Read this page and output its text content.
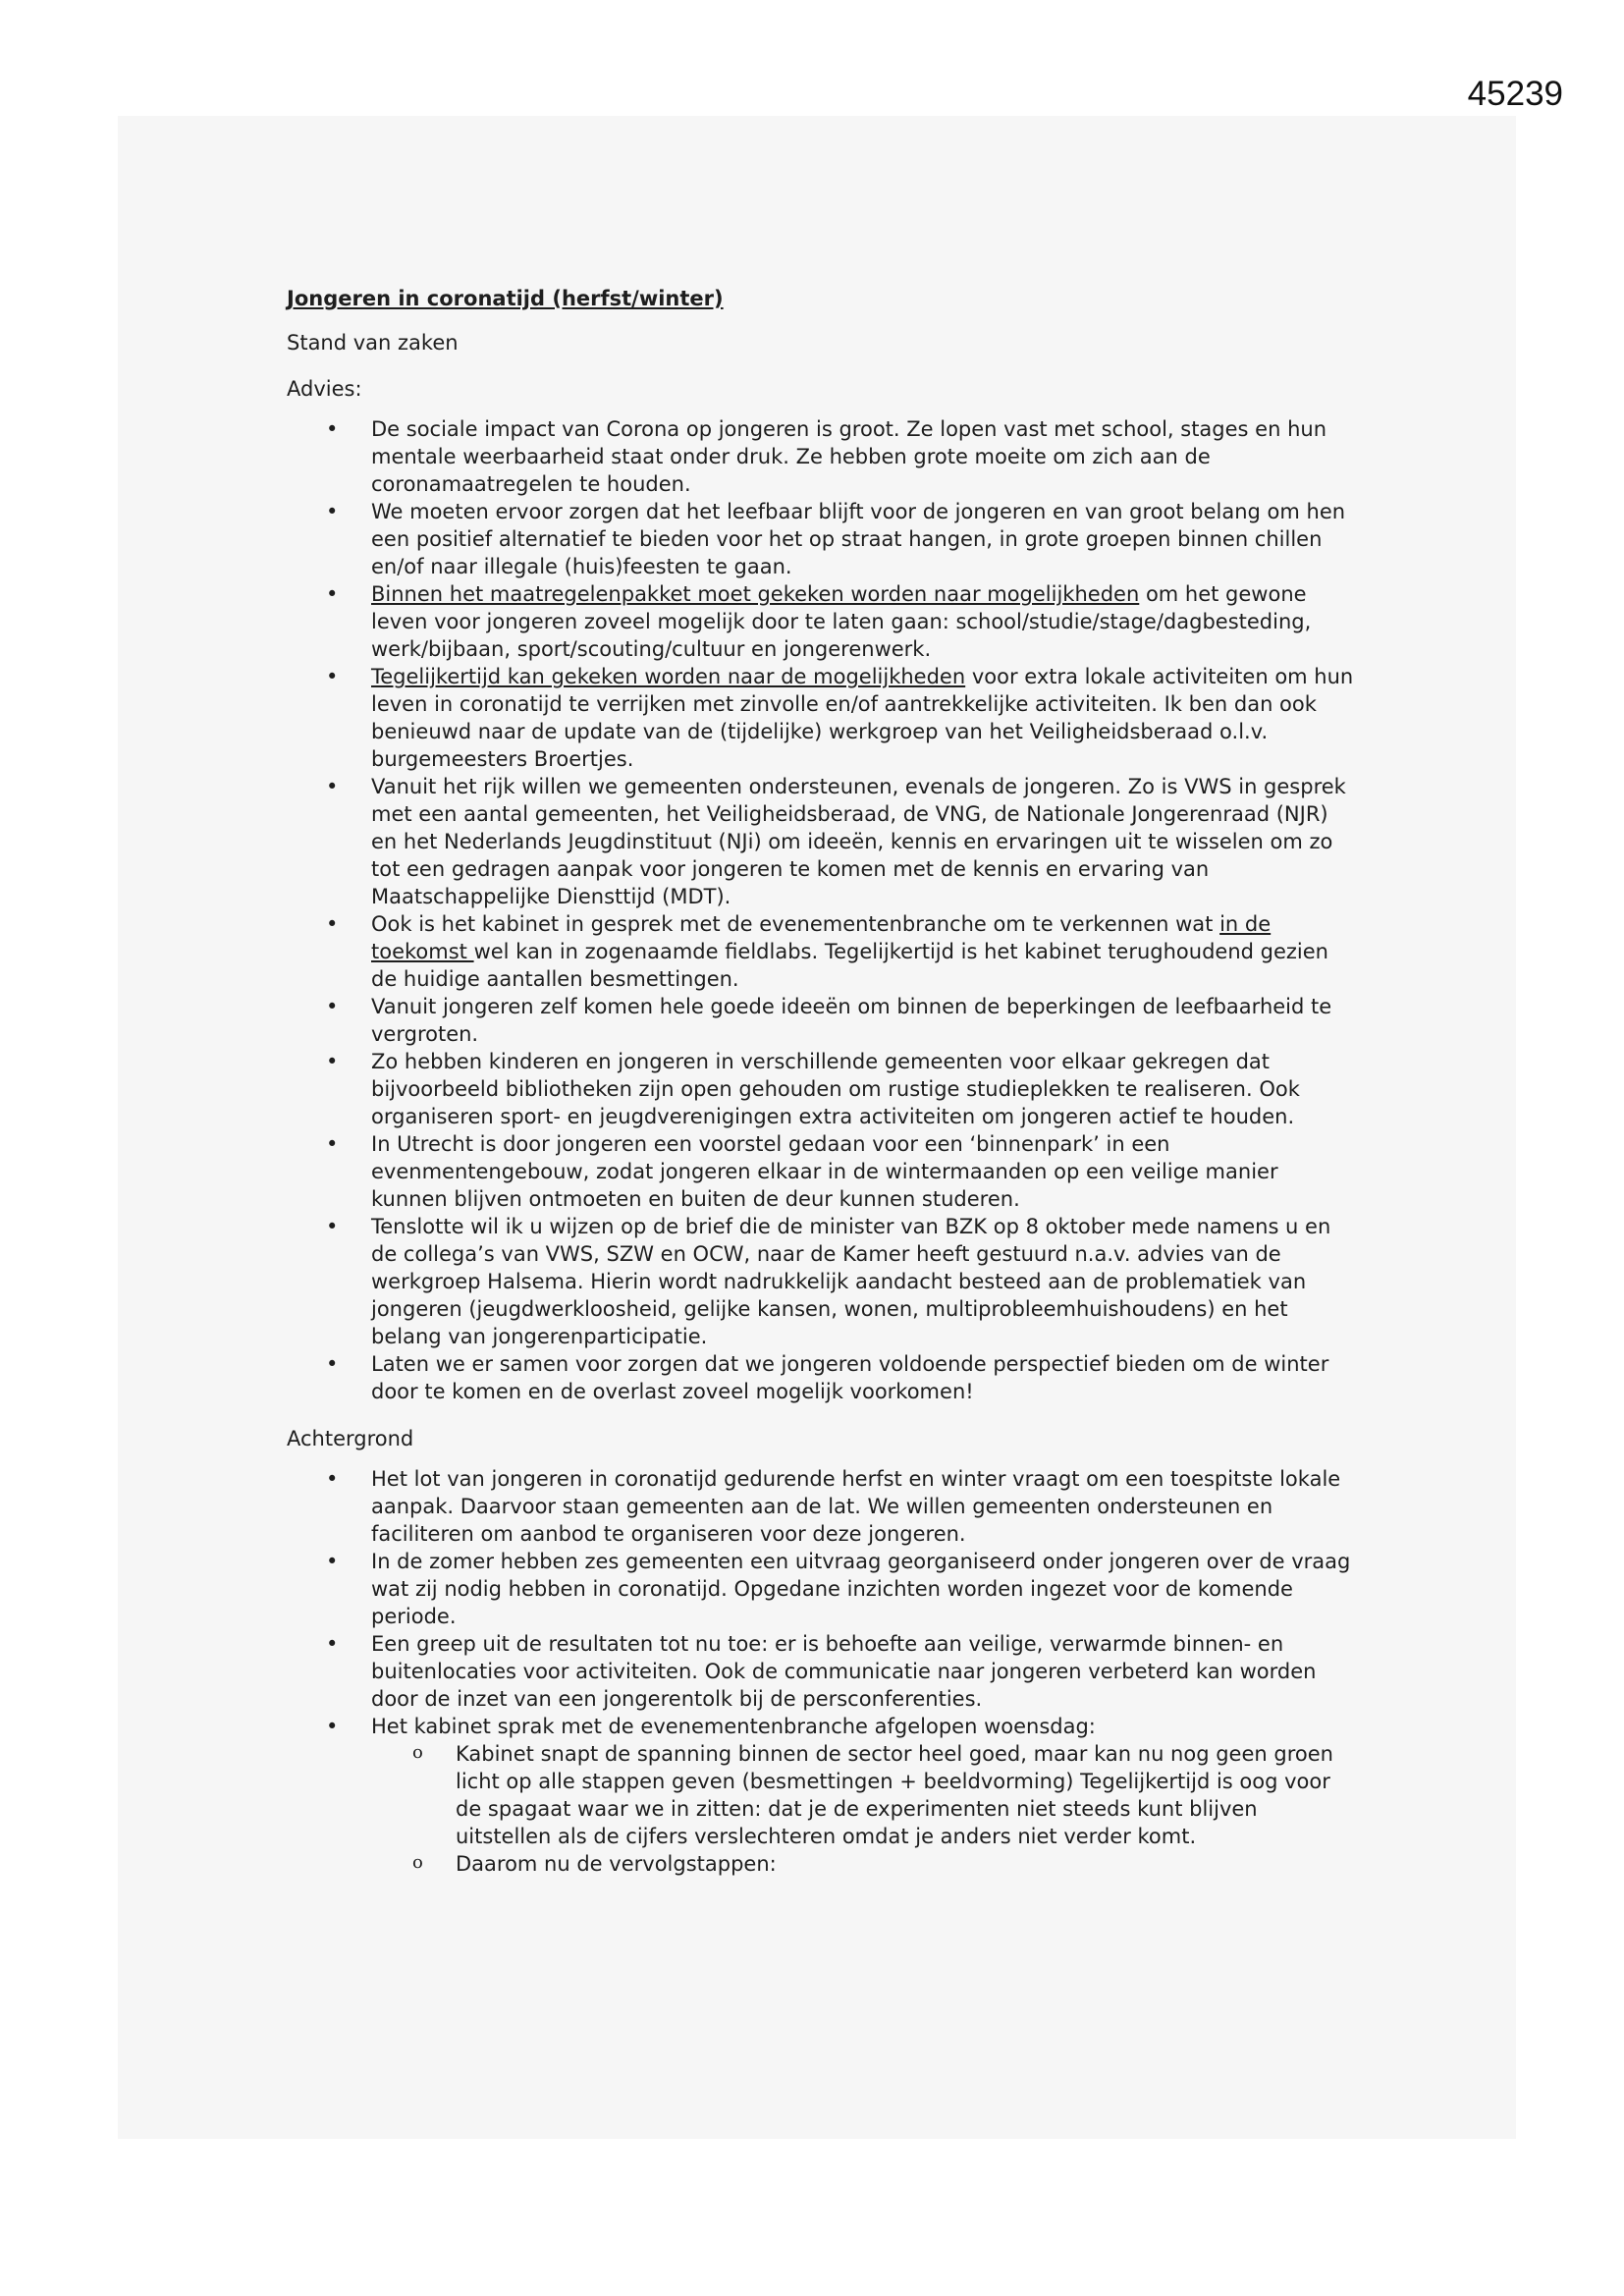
45239
Jongeren in coronatijd (herfst/winter)
Stand van zaken
Advies:
• De sociale impact van Corona op jongeren is groot. Ze lopen vast met school, stages en hun mentale weerbaarheid staat onder druk. Ze hebben grote moeite om zich aan de coronamaatregelen te houden.
• We moeten ervoor zorgen dat het leefbaar blijft voor de jongeren en van groot belang om hen een positief alternatief te bieden voor het op straat hangen, in grote groepen binnen chillen en/of naar illegale (huis)feesten te gaan.
• Binnen het maatregelenpakket moet gekeken worden naar mogelijkheden om het gewone leven voor jongeren zoveel mogelijk door te laten gaan: school/studie/stage/dagbesteding, werk/bijbaan, sport/scouting/cultuur en jongerenwerk.
• Tegelijkertijd kan gekeken worden naar de mogelijkheden voor extra lokale activiteiten om hun leven in coronatijd te verrijken met zinvolle en/of aantrekkelijke activiteiten. Ik ben dan ook benieuwd naar de update van de (tijdelijke) werkgroep van het Veiligheidsberaad o.l.v. burgemeesters Broertjes.
• Vanuit het rijk willen we gemeenten ondersteunen, evenals de jongeren. Zo is VWS in gesprek met een aantal gemeenten, het Veiligheidsberaad, de VNG, de Nationale Jongerenraad (NJR) en het Nederlands Jeugdinstituut (NJi) om ideeën, kennis en ervaringen uit te wisselen om zo tot een gedragen aanpak voor jongeren te komen met de kennis en ervaring van Maatschappelijke Diensttijd (MDT).
• Ook is het kabinet in gesprek met de evenementenbranche om te verkennen wat in de toekomst wel kan in zogenaamde fieldlabs. Tegelijkertijd is het kabinet terughoudend gezien de huidige aantallen besmettingen.
• Vanuit jongeren zelf komen hele goede ideeën om binnen de beperkingen de leefbaarheid te vergroten.
• Zo hebben kinderen en jongeren in verschillende gemeenten voor elkaar gekregen dat bijvoorbeeld bibliotheken zijn open gehouden om rustige studieplekken te realiseren. Ook organiseren sport- en jeugdverenigingen extra activiteiten om jongeren actief te houden.
• In Utrecht is door jongeren een voorstel gedaan voor een ‘binnenpark’ in een evenmentengebouw, zodat jongeren elkaar in de wintermaanden op een veilige manier kunnen blijven ontmoeten en buiten de deur kunnen studeren.
• Tenslotte wil ik u wijzen op de brief die de minister van BZK op 8 oktober mede namens u en de collega’s van VWS, SZW en OCW, naar de Kamer heeft gestuurd n.a.v. advies van de werkgroep Halsema. Hierin wordt nadrukkelijk aandacht besteed aan de problematiek van jongeren (jeugdwerkloosheid, gelijke kansen, wonen, multiprobleemhuishoudens) en het belang van jongerenparticipatie.
• Laten we er samen voor zorgen dat we jongeren voldoende perspectief bieden om de winter door te komen en de overlast zoveel mogelijk voorkomen!
Achtergrond
• Het lot van jongeren in coronatijd gedurende herfst en winter vraagt om een toespitste lokale aanpak. Daarvoor staan gemeenten aan de lat. We willen gemeenten ondersteunen en faciliteren om aanbod te organiseren voor deze jongeren.
• In de zomer hebben zes gemeenten een uitvraag georganiseerd onder jongeren over de vraag wat zij nodig hebben in coronatijd. Opgedane inzichten worden ingezet voor de komende periode.
• Een greep uit de resultaten tot nu toe: er is behoefte aan veilige, verwarmde binnen- en buitenlocaties voor activiteiten. Ook de communicatie naar jongeren verbeterd kan worden door de inzet van een jongerentolk bij de persconferenties.
• Het kabinet sprak met de evenementenbranche afgelopen woensdag:
o Kabinet snapt de spanning binnen de sector heel goed, maar kan nu nog geen groen licht op alle stappen geven (besmettingen + beeldvorming) Tegelijkertijd is oog voor de spagaat waar we in zitten: dat je de experimenten niet steeds kunt blijven uitstellen als de cijfers verslechteren omdat je anders niet verder komt.
o Daarom nu de vervolgstappen:
